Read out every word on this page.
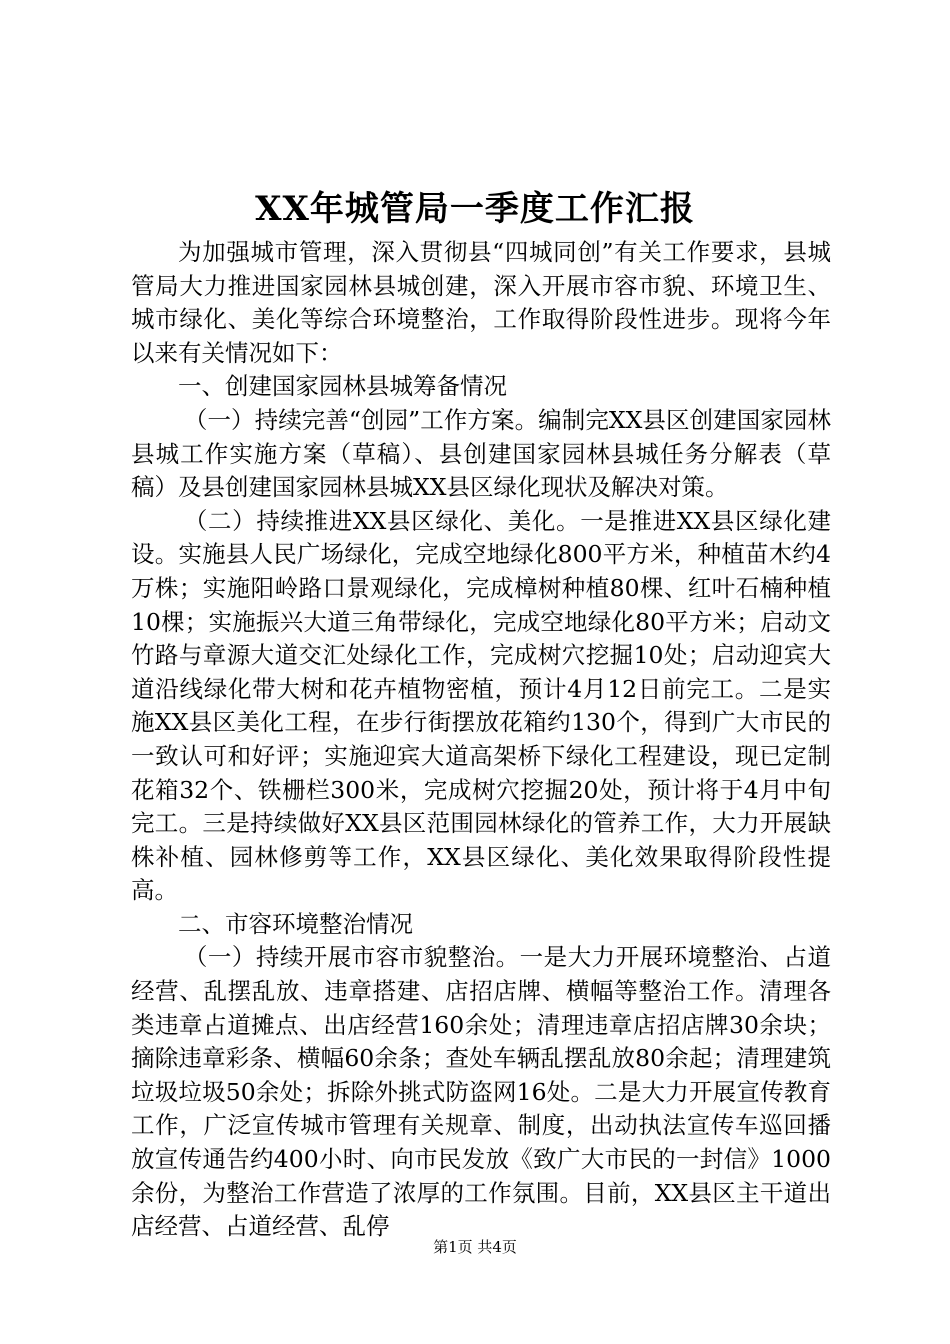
XX年城管局一季度工作汇报

为加强城市管理，深入贯彻县“四城同创”有关工作要求，县城管局大力推进国家园林县城创建，深入开展市容市貌、环境卫生、城市绿化、美化等综合环境整治，工作取得阶段性进步。现将今年以来有关情况如下：

一、创建国家园林县城筹备情况

（一）持续完善“创园”工作方案。编制完XX县区创建国家园林县城工作实施方案（草稿）、县创建国家园林县城任务分解表（草稿）及县创建国家园林县城XX县区绿化现状及解决对策。

（二）持续推进XX县区绿化、美化。一是推进XX县区绿化建设。实施县人民广场绿化，完成空地绿化800平方米，种植苗木约4万株；实施阳岭路口景观绿化，完成樟树种植80棵、红叶石楠种植10棵；实施振兴大道三角带绿化，完成空地绿化80平方米；启动文竹路与章源大道交汇处绿化工作，完成树穴挖掘10处；启动迎宾大道沿线绿化带大树和花卉植物密植，预计4月12日前完工。二是实施XX县区美化工程，在步行街摆放花箱约130个，得到广大市民的一致认可和好评；实施迎宾大道高架桥下绿化工程建设，现已定制花箱32个、铁栅栏300米，完成树穴挖掘20处，预计将于4月中旬完工。三是持续做好XX县区范围园林绿化的管养工作，大力开展缺株补植、园林修剪等工作，XX县区绿化、美化效果取得阶段性提高。

二、市容环境整治情况

（一）持续开展市容市貌整治。一是大力开展环境整治、占道经营、乱摆乱放、违章搭建、店招店牌、横幅等整治工作。清理各类违章占道摊点、出店经营160余处；清理违章店招店牌30余块；摘除违章彩条、横幅60余条；查处车辆乱摆乱放80余起；清理建筑垃圾垃圾50余处；拆除外挑式防盗网16处。二是大力开展宣传教育工作，广泛宣传城市管理有关规章、制度，出动执法宣传车巡回播放宣传通告约400小时、向市民发放《致广大市民的一封信》1000余份，为整治工作营造了浓厚的工作氛围。目前，XX县区主干道出店经营、占道经营、乱停

第1页 共4页
